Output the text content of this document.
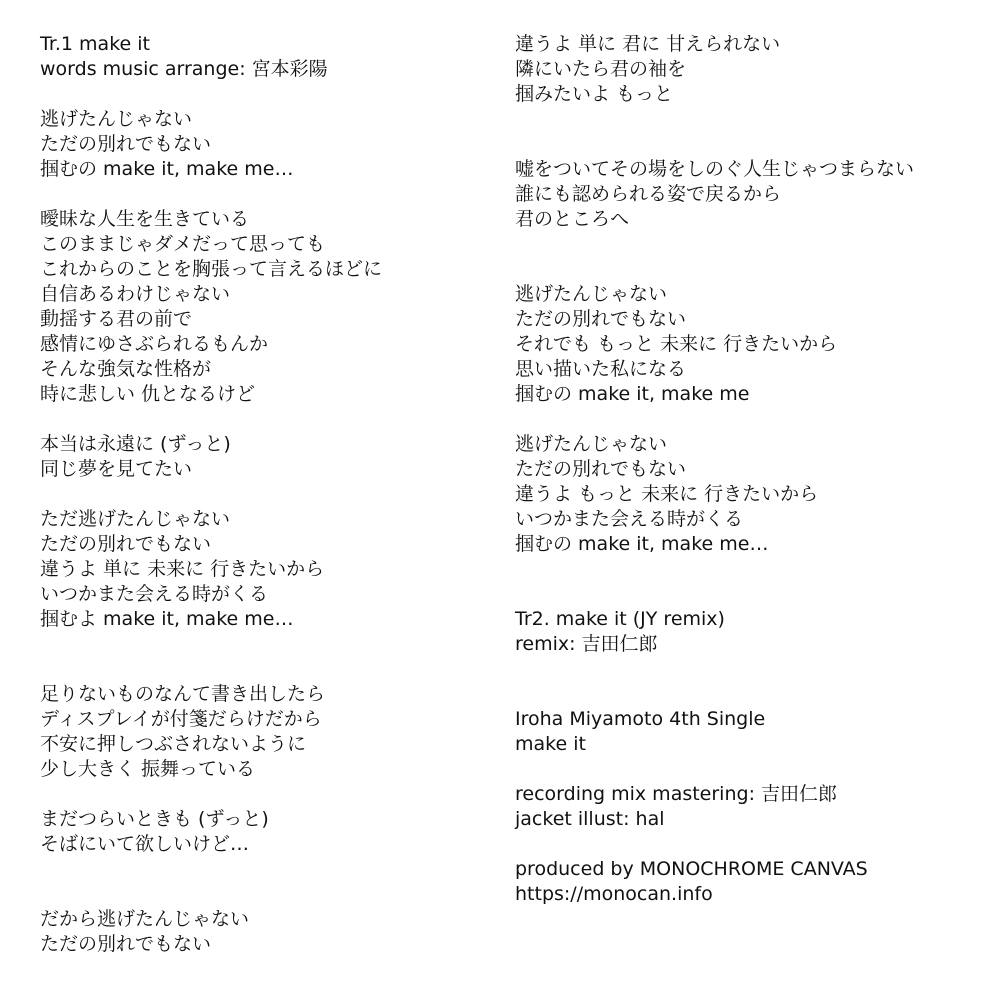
Tr.1 make it
words music arrange: 宮本彩陽
逃げたんじゃない
ただの別れでもない
掴むの make it, make me…
曖昧な人生を生きている
このままじゃダメだって思っても
これからのことを胸張って言えるほどに
自信あるわけじゃない
動揺する君の前で
感情にゆさぶられるもんか
そんな強気な性格が
時に悲しい 仇となるけど
本当は永遠に (ずっと)
同じ夢を見てたい
ただ逃げたんじゃない
ただの別れでもない
違うよ 単に 未来に 行きたいから
いつかまた会える時がくる
掴むよ make it, make me…
足りないものなんて書き出したら
ディスプレイが付箋だらけだから
不安に押しつぶされないように
少し大きく 振舞っている
まだつらいときも (ずっと)
そばにいて欲しいけど…
だから逃げたんじゃない
ただの別れでもない
違うよ 単に 君に 甘えられない
隣にいたら君の袖を
掴みたいよ もっと
嘘をついてその場をしのぐ人生じゃつまらない
誰にも認められる姿で戻るから
君のところへ
逃げたんじゃない
ただの別れでもない
それでも もっと 未来に 行きたいから
思い描いた私になる
掴むの make it, make me
逃げたんじゃない
ただの別れでもない
違うよ もっと 未来に 行きたいから
いつかまた会える時がくる
掴むの make it, make me…
Tr2. make it (JY remix)
remix: 吉田仁郎
Iroha Miyamoto 4th Single
make it
recording mix mastering: 吉田仁郎
jacket illust: hal
produced by MONOCHROME CANVAS
https://monocan.info
